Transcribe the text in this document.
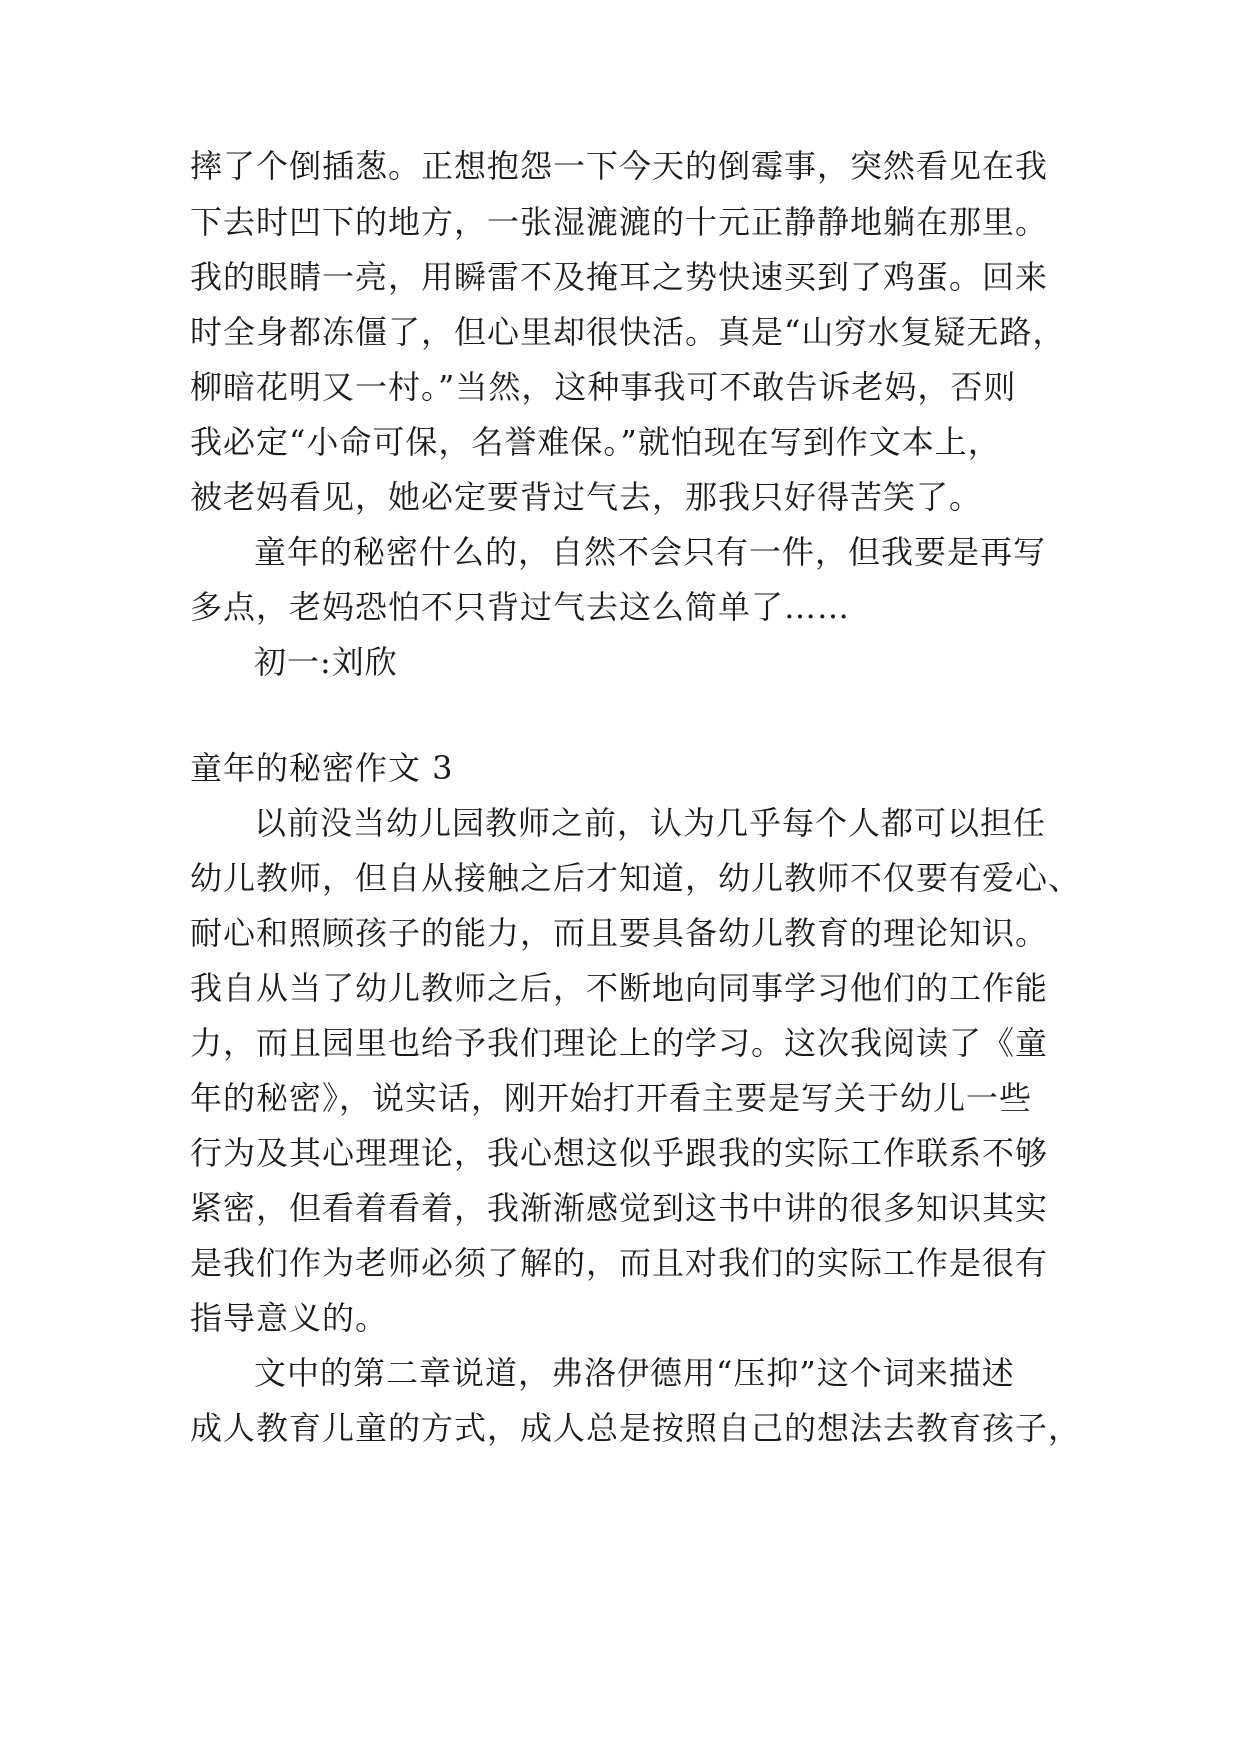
摔了个倒插葱。正想抱怨一下今天的倒霉事，突然看见在我
下去时凹下的地方，一张湿漉漉的十元正静静地躺在那里。
我的眼睛一亮，用瞬雷不及掩耳之势快速买到了鸡蛋。回来
时全身都冻僵了，但心里却很快活。真是“山穷水复疑无路，
柳暗花明又一村。”当然，这种事我可不敢告诉老妈，否则
我必定“小命可保，名誉难保。”就怕现在写到作文本上，
被老妈看见，她必定要背过气去，那我只好得苦笑了。
童年的秘密什么的，自然不会只有一件，但我要是再写
多点，老妈恐怕不只背过气去这么简单了……
初一:刘欣
童年的秘密作文 3
以前没当幼儿园教师之前，认为几乎每个人都可以担任
幼儿教师，但自从接触之后才知道，幼儿教师不仅要有爱心、
耐心和照顾孩子的能力，而且要具备幼儿教育的理论知识。
我自从当了幼儿教师之后，不断地向同事学习他们的工作能
力，而且园里也给予我们理论上的学习。这次我阅读了《童
年的秘密》，说实话，刚开始打开看主要是写关于幼儿一些
行为及其心理理论，我心想这似乎跟我的实际工作联系不够
紧密，但看着看着，我渐渐感觉到这书中讲的很多知识其实
是我们作为老师必须了解的，而且对我们的实际工作是很有
指导意义的。
文中的第二章说道，弗洛伊德用“压抑”这个词来描述
成人教育儿童的方式，成人总是按照自己的想法去教育孩子，
